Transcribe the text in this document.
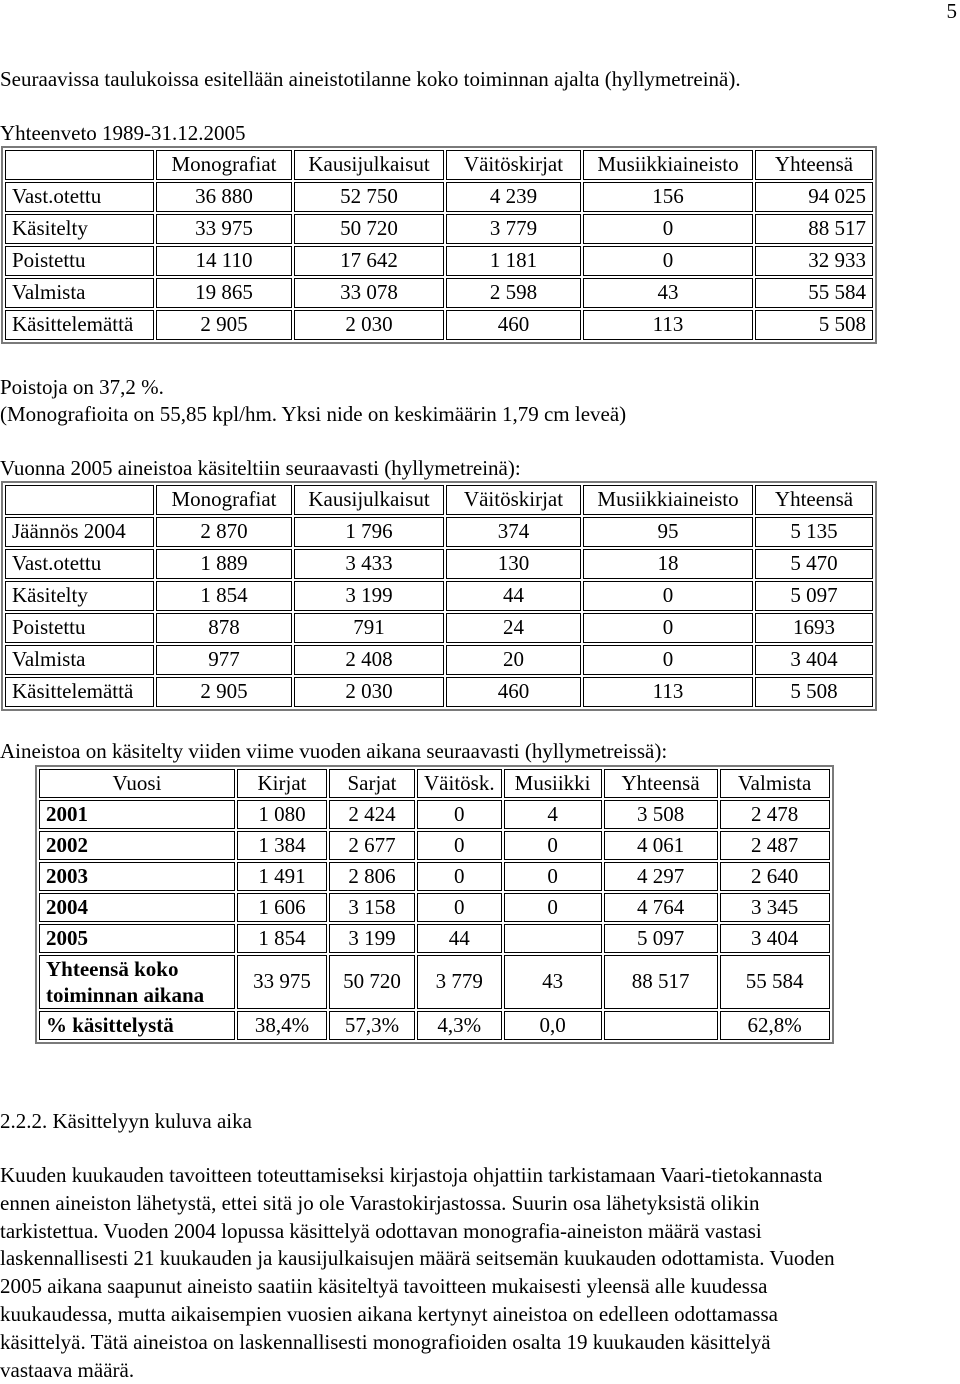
5
Seuraavissa taulukoissa esitellään aineistotilanne koko toiminnan ajalta (hyllymetreinä).
Yhteenveto 1989-31.12.2005
	Monografiat	Kausijulkaisut	Väitöskirjat	Musiikkiaineisto	Yhteensä
Vast.otettu	36 880	52 750	4 239	156	94 025
Käsitelty	33 975	50 720	3 779	0	88 517
Poistettu	14 110	17 642	1 181	0	32 933
Valmista	19 865	33 078	2 598	43	55 584
Käsittelemättä	2 905	2 030	460	113	5 508
Poistoja on 37,2 %.
(Monografioita on 55,85 kpl/hm. Yksi nide on keskimäärin 1,79 cm leveä)
Vuonna 2005 aineistoa käsiteltiin seuraavasti (hyllymetreinä):
	Monografiat	Kausijulkaisut	Väitöskirjat	Musiikkiaineisto	Yhteensä
Jäännös 2004	2 870	1 796	374	95	5 135
Vast.otettu	1 889	3 433	130	18	5 470
Käsitelty	1 854	3 199	44	0	5 097
Poistettu	878	791	24	0	1693
Valmista	977	2 408	20	0	3 404
Käsittelemättä	2 905	2 030	460	113	5 508
Aineistoa on käsitelty viiden viime vuoden aikana seuraavasti (hyllymetreissä):
Vuosi	Kirjat	Sarjat	Väitösk.	Musiikki	Yhteensä	Valmista
2001	1 080	2 424	0	4	3 508	2 478
2002	1 384	2 677	0	0	4 061	2 487
2003	1 491	2 806	0	0	4 297	2 640
2004	1 606	3 158	0	0	4 764	3 345
2005	1 854	3 199	44		5 097	3 404

Yhteensä koko
toiminnan aikana	33 975	50 720	3 779	43	88 517	55 584
% käsittelystä	38,4%	57,3%	4,3%	0,0		62,8%
2.2.2. Käsittelyyn kuluva aika
Kuuden kuukauden tavoitteen toteuttamiseksi kirjastoja ohjattiin tarkistamaan Vaari-tietokannasta
ennen aineiston lähetystä, ettei sitä jo ole Varastokirjastossa. Suurin osa lähetyksistä olikin
tarkistettua. Vuoden 2004 lopussa käsittelyä odottavan monografia-aineiston määrä vastasi
laskennallisesti 21 kuukauden ja kausijulkaisujen määrä seitsemän kuukauden odottamista. Vuoden
2005 aikana saapunut aineisto saatiin käsiteltyä tavoitteen mukaisesti yleensä alle kuudessa
kuukaudessa, mutta aikaisempien vuosien aikana kertynyt aineistoa on edelleen odottamassa
käsittelyä. Tätä aineistoa on laskennallisesti monografioiden osalta 19 kuukauden käsittelyä
vastaava määrä.
